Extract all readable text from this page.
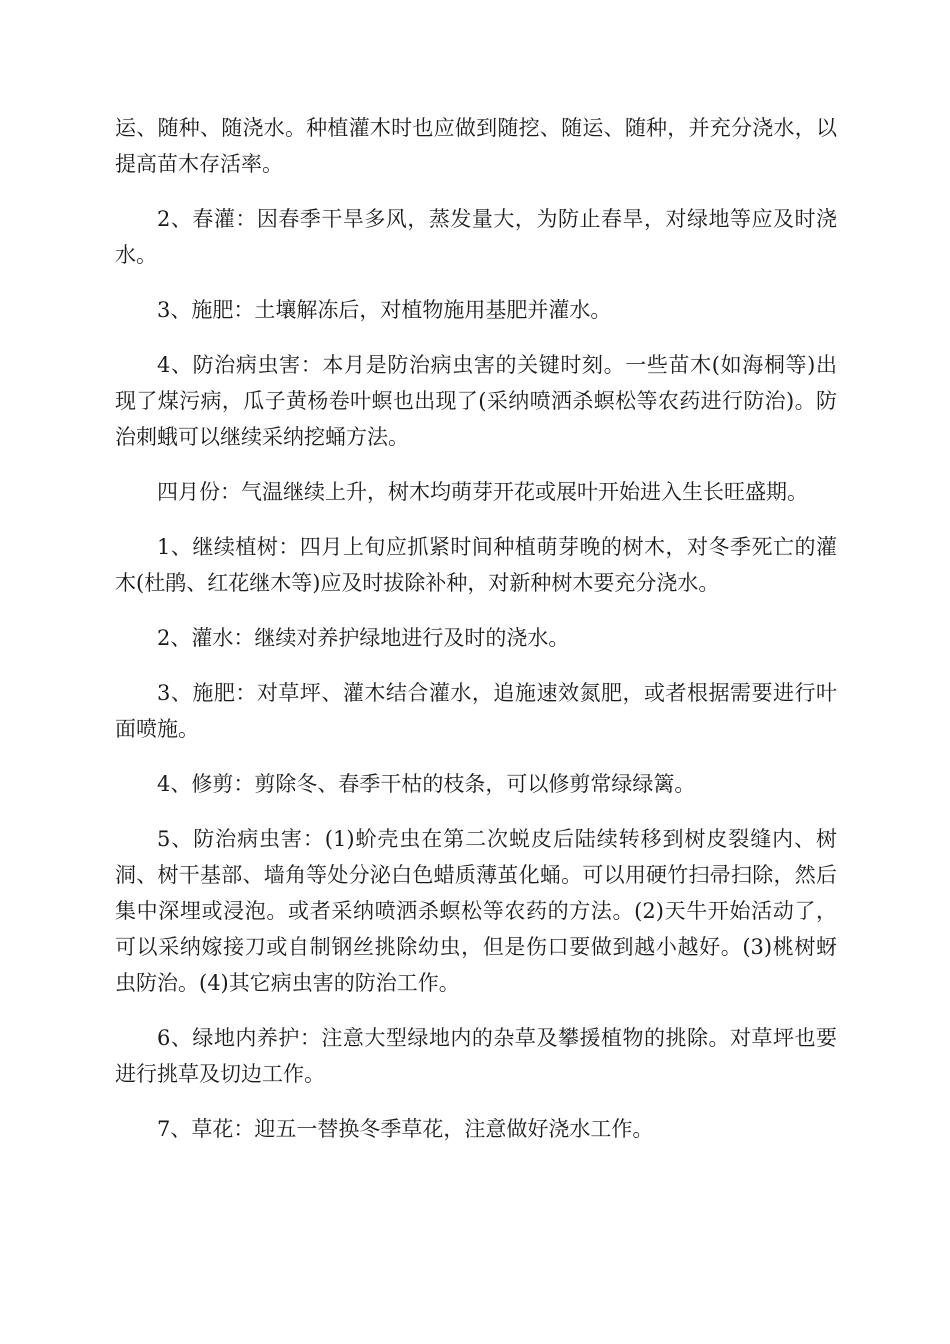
运、随种、随浇水。种植灌木时也应做到随挖、随运、随种，并充分浇水，以提高苗木存活率。

2、春灌：因春季干旱多风，蒸发量大，为防止春旱，对绿地等应及时浇水。

3、施肥：土壤解冻后，对植物施用基肥并灌水。

4、防治病虫害：本月是防治病虫害的关键时刻。一些苗木(如海桐等)出现了煤污病，瓜子黄杨卷叶螟也出现了(采纳喷洒杀螟松等农药进行防治)。防治刺蛾可以继续采纳挖蛹方法。

四月份：气温继续上升，树木均萌芽开花或展叶开始进入生长旺盛期。

1、继续植树：四月上旬应抓紧时间种植萌芽晚的树木，对冬季死亡的灌木(杜鹃、红花继木等)应及时拔除补种，对新种树木要充分浇水。

2、灌水：继续对养护绿地进行及时的浇水。

3、施肥：对草坪、灌木结合灌水，追施速效氮肥，或者根据需要进行叶面喷施。

4、修剪：剪除冬、春季干枯的枝条，可以修剪常绿绿篱。

5、防治病虫害：(1)蚧壳虫在第二次蜕皮后陆续转移到树皮裂缝内、树洞、树干基部、墙角等处分泌白色蜡质薄茧化蛹。可以用硬竹扫帚扫除，然后集中深埋或浸泡。或者采纳喷洒杀螟松等农药的方法。(2)天牛开始活动了，可以采纳嫁接刀或自制钢丝挑除幼虫，但是伤口要做到越小越好。(3)桃树蚜虫防治。(4)其它病虫害的防治工作。

6、绿地内养护：注意大型绿地内的杂草及攀援植物的挑除。对草坪也要进行挑草及切边工作。

7、草花：迎五一替换冬季草花，注意做好浇水工作。
